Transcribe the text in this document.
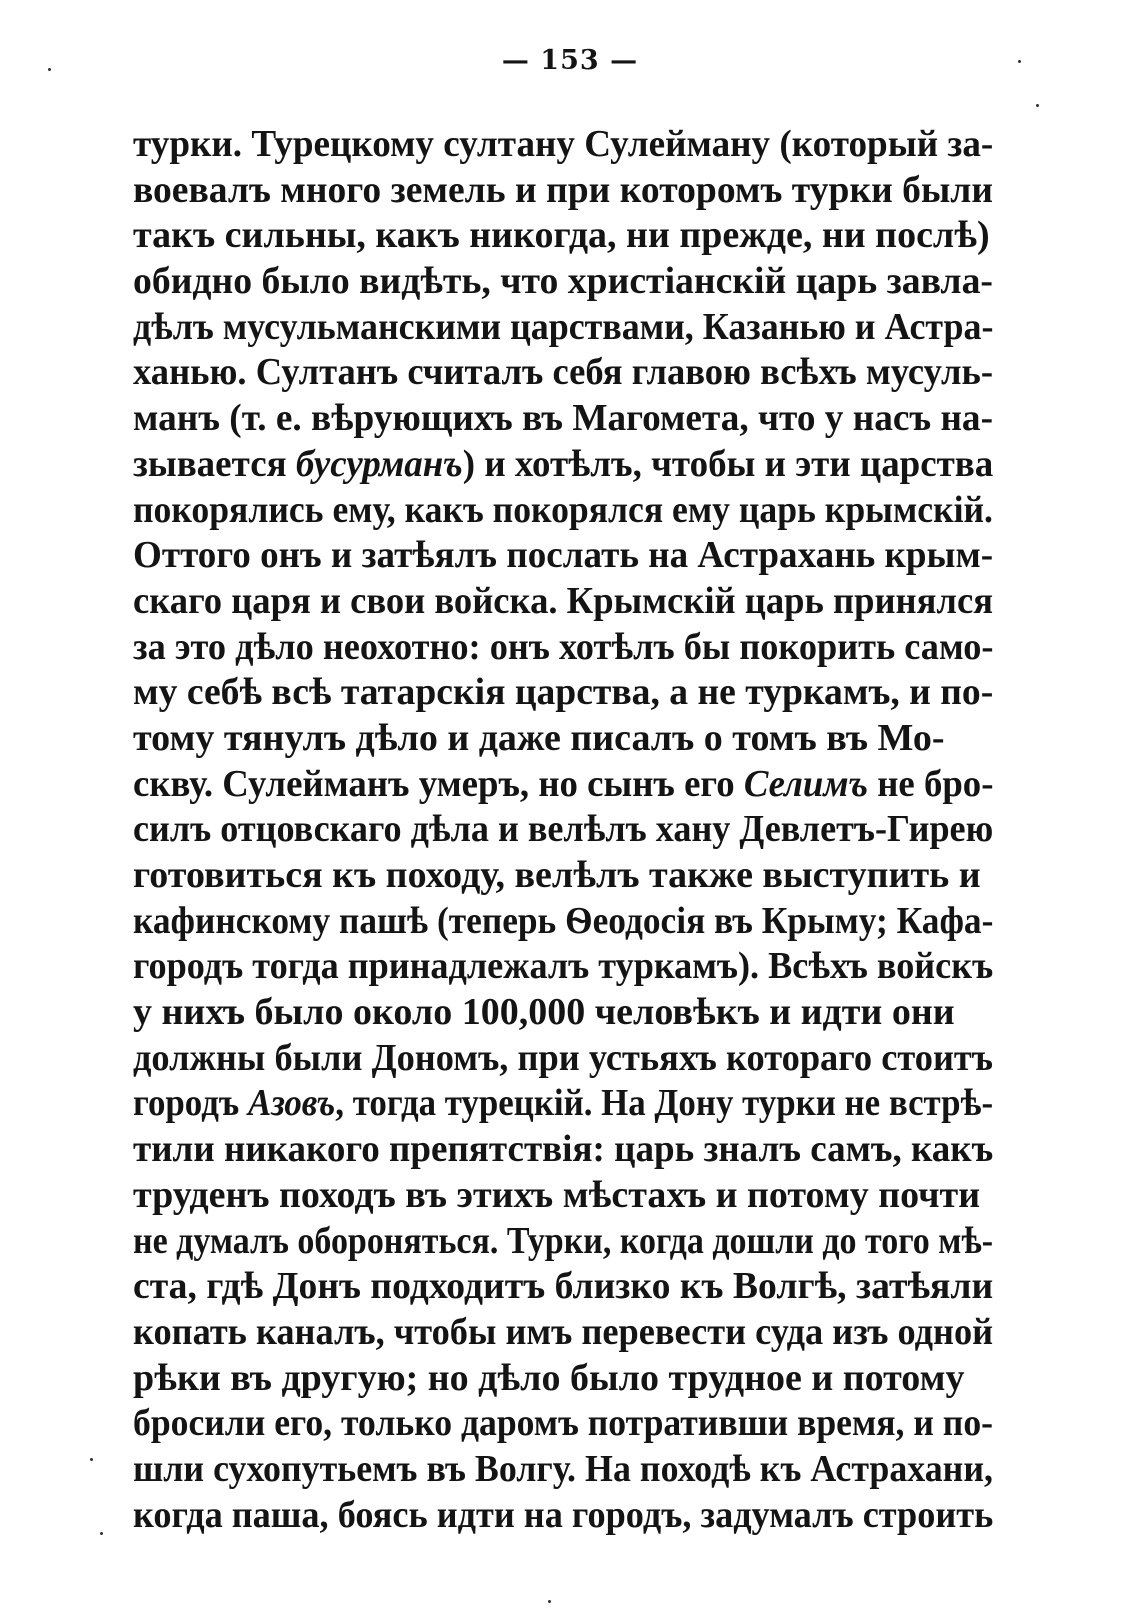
— 153 —
турки. Турецкому султану Сулейману (который за-
воевалъ много земель и при которомъ турки были
такъ сильны, какъ никогда, ни прежде, ни послѣ)
обидно было видѣть, что христіанскій царь завла-
дѣлъ мусульманскими царствами, Казанью и Астра-
ханью. Султанъ считалъ себя главою всѣхъ мусуль-
манъ (т. е. вѣрующихъ въ Магомета, что у насъ на-
зывается бусурманъ) и хотѣлъ, чтобы и эти царства
покорялись ему, какъ покорялся ему царь крымскій.
Оттого онъ и затѣялъ послать на Астрахань крым-
скаго царя и свои войска. Крымскій царь принялся
за это дѣло неохотно: онъ хотѣлъ бы покорить само-
му себѣ всѣ татарскія царства, а не туркамъ, и по-
тому тянулъ дѣло и даже писалъ о томъ въ Мо-
скву. Сулейманъ умеръ, но сынъ его Селимъ не бро-
силъ отцовскаго дѣла и велѣлъ хану Девлетъ-Гирею
готовиться къ походу, велѣлъ также выступить и
кафинскому пашѣ (теперь Ѳеодосія въ Крыму; Кафа-
городъ тогда принадлежалъ туркамъ). Всѣхъ войскъ
у нихъ было около 100,000 человѣкъ и идти они
должны были Дономъ, при устьяхъ котораго стоитъ
городъ Азовъ, тогда турецкій. На Дону турки не встрѣ-
тили никакого препятствія: царь зналъ самъ, какъ
труденъ походъ въ этихъ мѣстахъ и потому почти
не думалъ обороняться. Турки, когда дошли до того мѣ-
ста, гдѣ Донъ подходитъ близко къ Волгѣ, затѣяли
копать каналъ, чтобы имъ перевести суда изъ одной
рѣки въ другую; но дѣло было трудное и потому
бросили его, только даромъ потративши время, и по-
шли сухопутьемъ въ Волгу. На походѣ къ Астрахани,
когда паша, боясь идти на городъ, задумалъ строить
